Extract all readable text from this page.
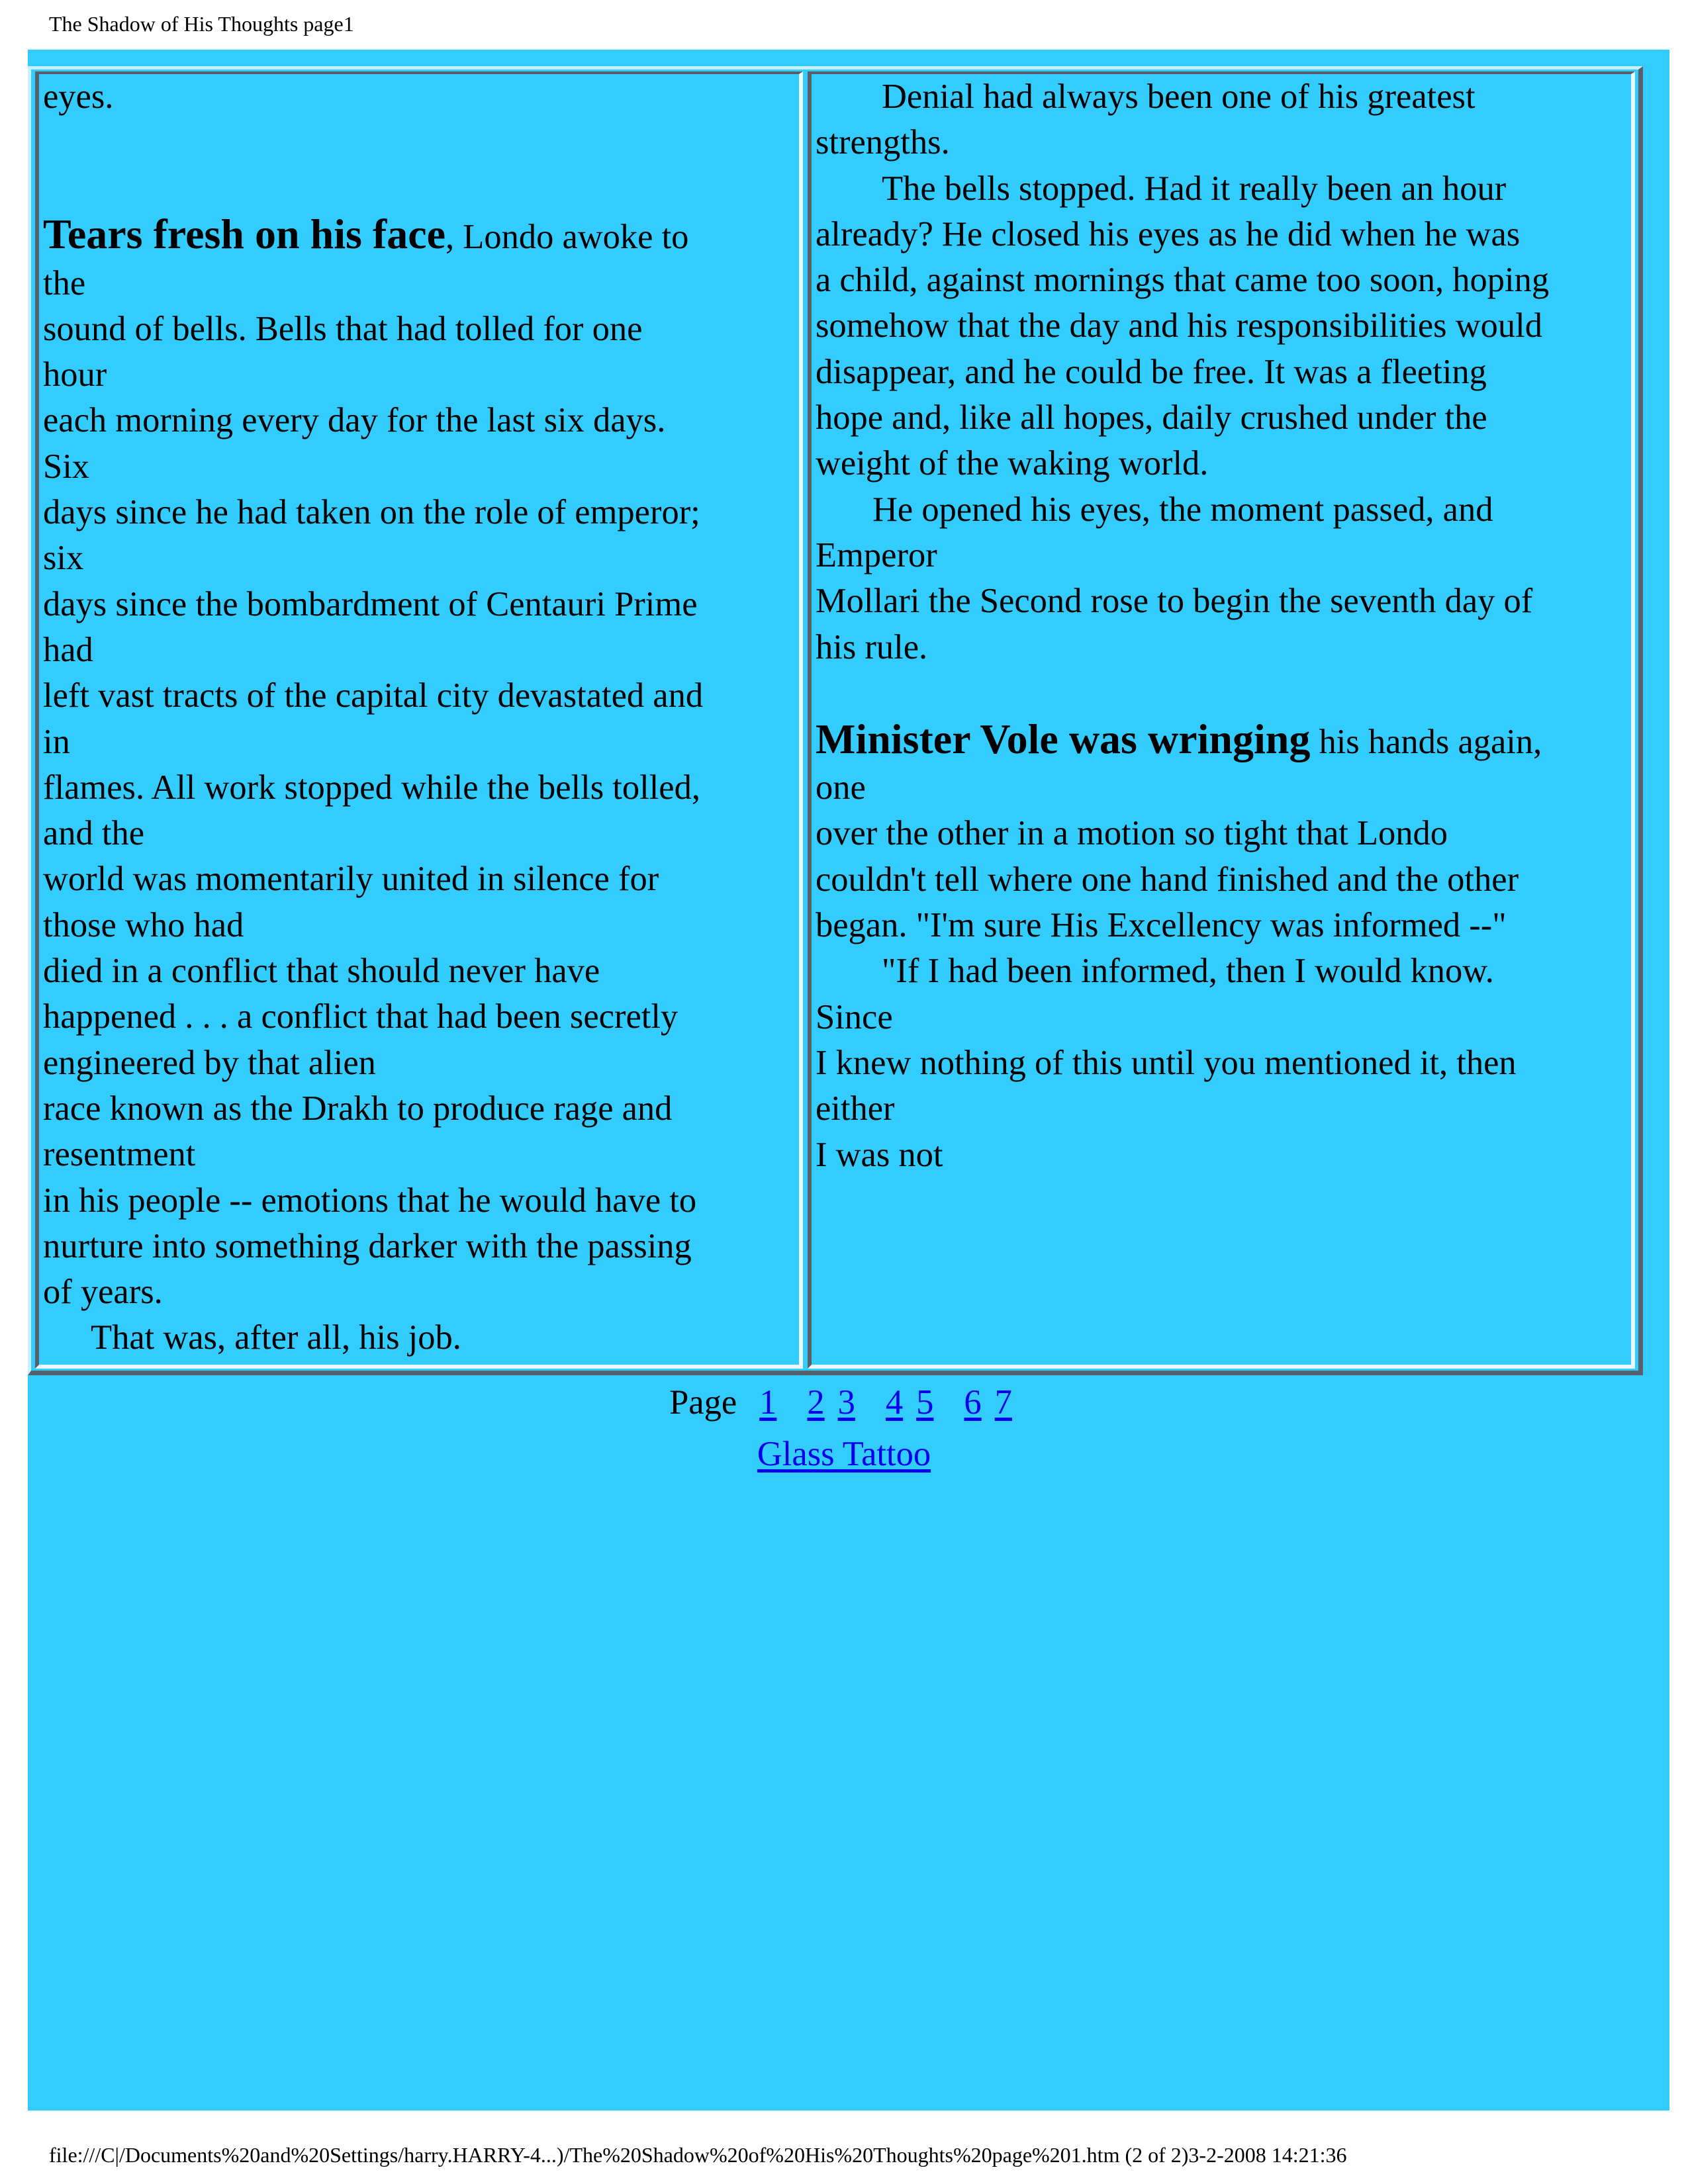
The Shadow of His Thoughts page1
eyes.
Tears fresh on his face, Londo awoke to
the
sound of bells. Bells that had tolled for one
hour
each morning every day for the last six days.
Six
days since he had taken on the role of emperor;
six
days since the bombardment of Centauri Prime
had
left vast tracts of the capital city devastated and
in
flames. All work stopped while the bells tolled,
and the
world was momentarily united in silence for
those who had
died in a conflict that should never have
happened . . . a conflict that had been secretly
engineered by that alien
race known as the Drakh to produce rage and
resentment
in his people -- emotions that he would have to
nurture into something darker with the passing
of years.
That was, after all, his job.
Denial had always been one of his greatest
strengths.
The bells stopped. Had it really been an hour
already? He closed his eyes as he did when he was
a child, against mornings that came too soon, hoping
somehow that the day and his responsibilities would
disappear, and he could be free. It was a fleeting
hope and, like all hopes, daily crushed under the
weight of the waking world.
He opened his eyes, the moment passed, and
Emperor
Mollari the Second rose to begin the seventh day of
his rule.
Minister Vole was wringing his hands again,
one
over the other in a motion so tight that Londo
couldn't tell where one hand finished and the other
began. "I'm sure His Excellency was informed --"
"If I had been informed, then I would know.
Since
I knew nothing of this until you mentioned it, then
either
I was not
Page 1 2 3 4 5 6 7
Glass Tattoo
file:///C|/Documents%20and%20Settings/harry.HARRY-4...)/The%20Shadow%20of%20His%20Thoughts%20page%201.htm (2 of 2)3-2-2008 14:21:36
